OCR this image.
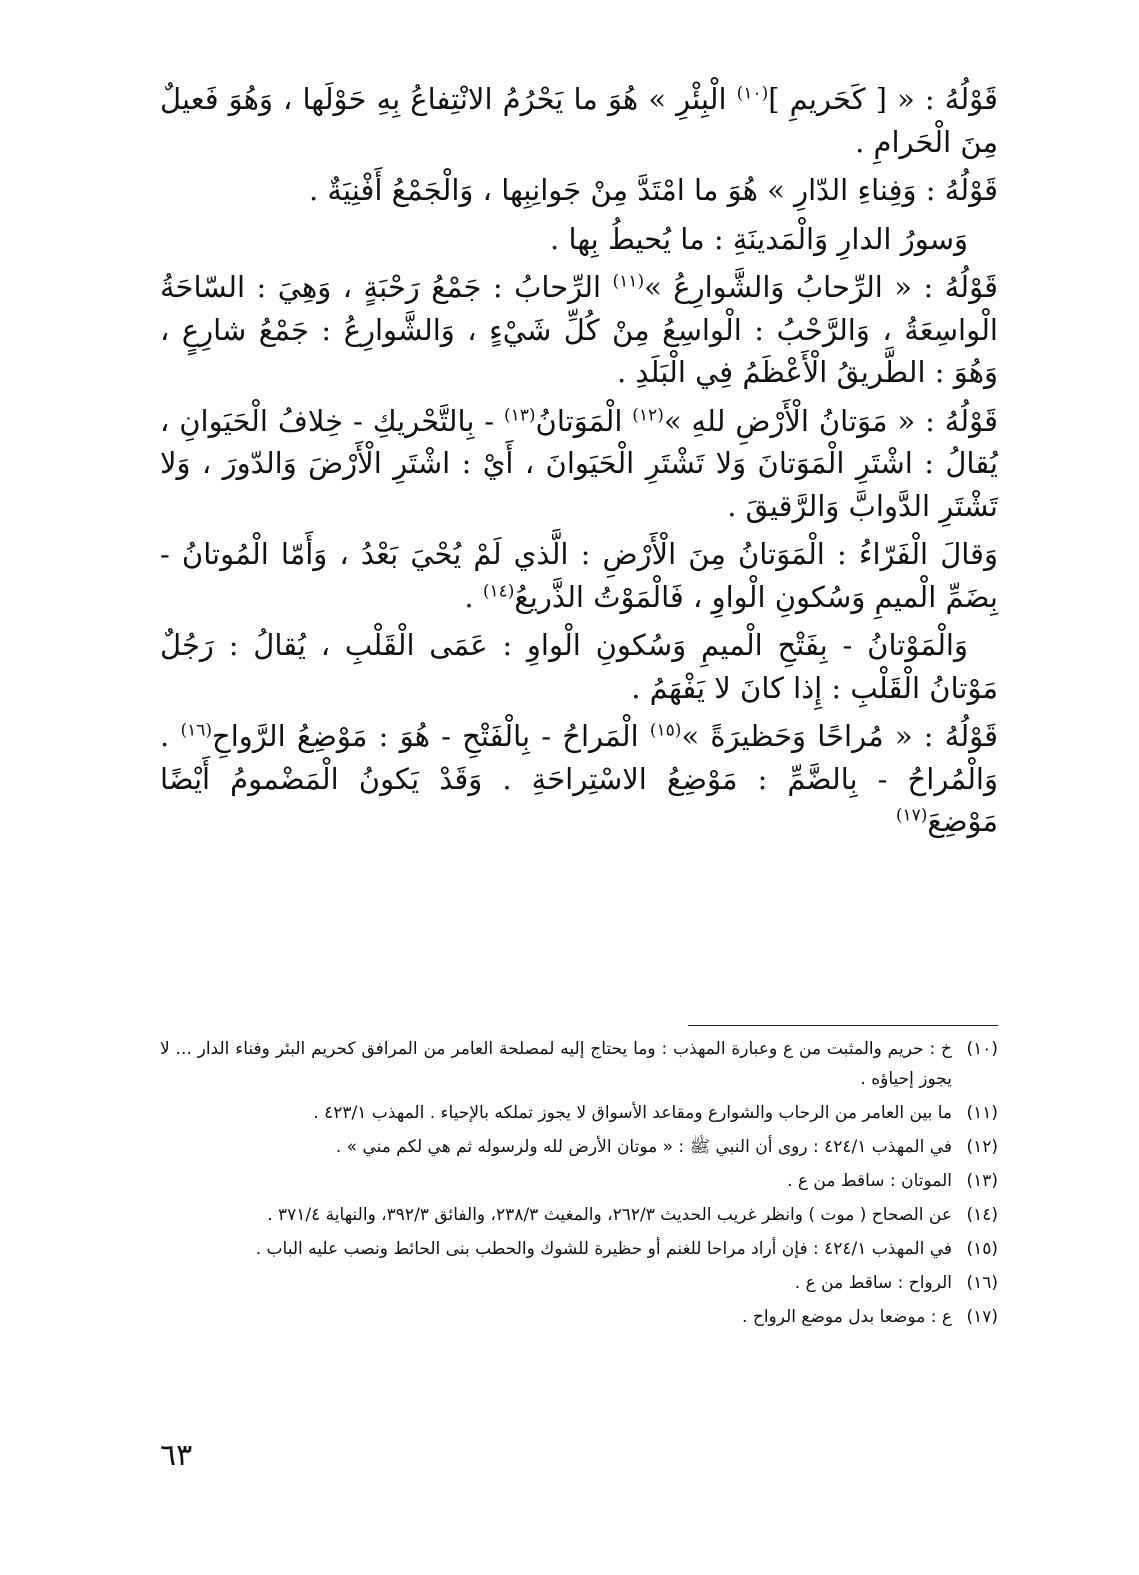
قَوْلُهُ : « [ كَحَريمِ ]$^{(١٠)}$ الْبِئْرِ » هُوَ ما يَحْرُمُ الانْتِفاعُ بِهِ حَوْلَها ، وَهُوَ فَعيلٌ مِنَ الْحَرامِ .

قَوْلُهُ : وَفِناءِ الدّارِ » هُوَ ما امْتَدَّ مِنْ جَوانِبِها ، وَالْجَمْعُ أَفْنِيَةٌ .

وَسورُ الدارِ وَالْمَدينَةِ : ما يُحيطُ بِها .

قَوْلُهُ : « الرِّحابُ وَالشَّوارِعُ »$^{(١١)}$ الرِّحابُ : جَمْعُ رَحْبَةٍ ، وَهِيَ : السّاحَةُ الْواسِعَةُ ، وَالرَّحْبُ : الْواسِعُ مِنْ كُلِّ شَيْءٍ ، وَالشَّوارِعُ : جَمْعُ شارِعٍ ، وَهُوَ : الطَّريقُ الْأَعْظَمُ فِي الْبَلَدِ .

قَوْلُهُ : « مَوَتانُ الْأَرْضِ للهِ »$^{(١٢)}$ الْمَوَتانُ$^{(١٣)}$ - بِالتَّحْريكِ - خِلافُ الْحَيَوانِ ، يُقالُ : اشْتَرِ الْمَوَتانَ وَلا تَشْتَرِ الْحَيَوانَ ، أَيْ : اشْتَرِ الْأَرْضَ وَالدّورَ ، وَلا تَشْتَرِ الدَّوابَّ وَالرَّقيقَ .

وَقالَ الْفَرّاءُ : الْمَوَتانُ مِنَ الْأَرْضِ : الَّذي لَمْ يُحْيَ بَعْدُ ، وَأَمّا الْمُوتانُ - بِضَمِّ الْميمِ وَسُكونِ الْواوِ ، فَالْمَوْتُ الذَّريعُ$^{(١٤)}$ .

وَالْمَوْتانُ - بِفَتْحِ الْميمِ وَسُكونِ الْواوِ : عَمَى الْقَلْبِ ، يُقالُ : رَجُلٌ مَوْتانُ الْقَلْبِ : إِذا كانَ لا يَفْهَمُ .

قَوْلُهُ : « مُراحًا وَحَظيرَةً »$^{(١٥)}$ الْمَراحُ - بِالْفَتْحِ - هُوَ : مَوْضِعُ الرَّواحِ$^{(١٦)}$ . وَالْمُراحُ - بِالضَّمِّ : مَوْضِعُ الاسْتِراحَةِ . وَقَدْ يَكونُ الْمَضْمومُ أَيْضًا مَوْضِعَ$^{(١٧)}$

(١٠)
خ : حريم والمثبت من ع وعبارة المهذب : وما يحتاج إليه لمصلحة العامر من المرافق كحريم البئر وفناء الدار ... لا يجوز إحياؤه .
(١١)
ما بين العامر من الرحاب والشوارع ومقاعد الأسواق لا يجوز تملكه بالإحياء . المهذب ٤٢٣/١ .
(١٢)
في المهذب ٤٢٤/١ : روى أن النبي ﷺ : « موتان الأرض لله ولرسوله ثم هي لكم مني » .
(١٣)
الموتان : ساقط من ع .
(١٤)
عن الصحاح ( موت ) وانظر غريب الحديث ٢٦٢/٣، والمغيث ٢٣٨/٣، والفائق ٣٩٢/٣، والنهاية ٣٧١/٤ .
(١٥)
في المهذب ٤٢٤/١ : فإن أراد مراحا للغنم أو حظيرة للشوك والحطب بنى الحائط ونصب عليه الباب .
(١٦)
الرواح : ساقط من ع .
(١٧)
ع : موضعا بدل موضع الرواح .
٦٣
